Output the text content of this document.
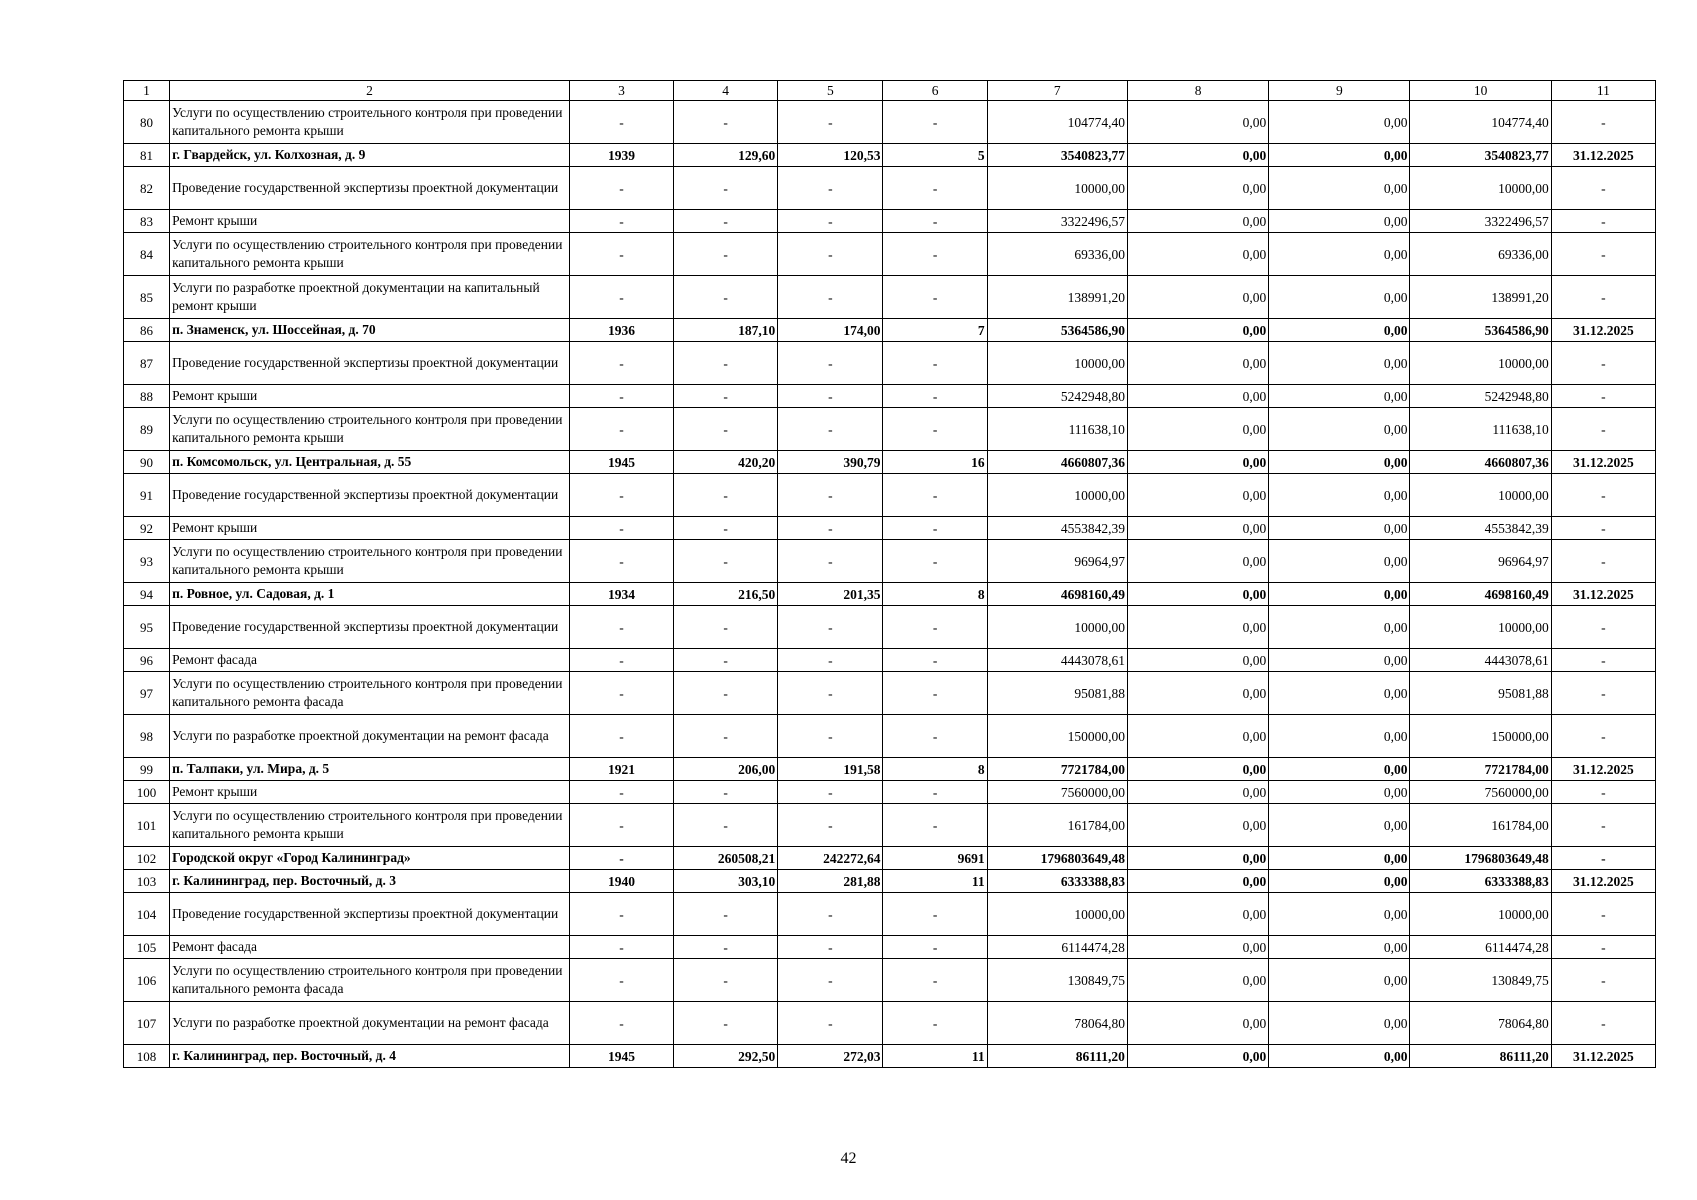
1	2	3	4	5	6	7	8	9	10	11
80	Услуги по осуществлению строительного контроля при проведении капитального ремонта крыши	-	-	-	-	104774,40	0,00	0,00	104774,40	-
81	г. Гвардейск, ул. Колхозная, д. 9	1939	129,60	120,53	5	3540823,77	0,00	0,00	3540823,77	31.12.2025
82	Проведение государственной экспертизы проектной документации	-	-	-	-	10000,00	0,00	0,00	10000,00	-
83	Ремонт крыши	-	-	-	-	3322496,57	0,00	0,00	3322496,57	-
84	Услуги по осуществлению строительного контроля при проведении капитального ремонта крыши	-	-	-	-	69336,00	0,00	0,00	69336,00	-
85	Услуги по разработке проектной документации на капитальный ремонт крыши	-	-	-	-	138991,20	0,00	0,00	138991,20	-
86	п. Знаменск, ул. Шоссейная, д. 70	1936	187,10	174,00	7	5364586,90	0,00	0,00	5364586,90	31.12.2025
87	Проведение государственной экспертизы проектной документации	-	-	-	-	10000,00	0,00	0,00	10000,00	-
88	Ремонт крыши	-	-	-	-	5242948,80	0,00	0,00	5242948,80	-
89	Услуги по осуществлению строительного контроля при проведении капитального ремонта крыши	-	-	-	-	111638,10	0,00	0,00	111638,10	-
90	п. Комсомольск, ул. Центральная, д. 55	1945	420,20	390,79	16	4660807,36	0,00	0,00	4660807,36	31.12.2025
91	Проведение государственной экспертизы проектной документации	-	-	-	-	10000,00	0,00	0,00	10000,00	-
92	Ремонт крыши	-	-	-	-	4553842,39	0,00	0,00	4553842,39	-
93	Услуги по осуществлению строительного контроля при проведении капитального ремонта крыши	-	-	-	-	96964,97	0,00	0,00	96964,97	-
94	п. Ровное, ул. Садовая, д. 1	1934	216,50	201,35	8	4698160,49	0,00	0,00	4698160,49	31.12.2025
95	Проведение государственной экспертизы проектной документации	-	-	-	-	10000,00	0,00	0,00	10000,00	-
96	Ремонт фасада	-	-	-	-	4443078,61	0,00	0,00	4443078,61	-
97	Услуги по осуществлению строительного контроля при проведении капитального ремонта фасада	-	-	-	-	95081,88	0,00	0,00	95081,88	-
98	Услуги по разработке проектной документации на ремонт фасада	-	-	-	-	150000,00	0,00	0,00	150000,00	-
99	п. Талпаки, ул. Мира, д. 5	1921	206,00	191,58	8	7721784,00	0,00	0,00	7721784,00	31.12.2025
100	Ремонт крыши	-	-	-	-	7560000,00	0,00	0,00	7560000,00	-
101	Услуги по осуществлению строительного контроля при проведении капитального ремонта крыши	-	-	-	-	161784,00	0,00	0,00	161784,00	-
102	Городской округ «Город Калининград»	-	260508,21	242272,64	9691	1796803649,48	0,00	0,00	1796803649,48	-
103	г. Калининград, пер. Восточный, д. 3	1940	303,10	281,88	11	6333388,83	0,00	0,00	6333388,83	31.12.2025
104	Проведение государственной экспертизы проектной документации	-	-	-	-	10000,00	0,00	0,00	10000,00	-
105	Ремонт фасада	-	-	-	-	6114474,28	0,00	0,00	6114474,28	-
106	Услуги по осуществлению строительного контроля при проведении капитального ремонта фасада	-	-	-	-	130849,75	0,00	0,00	130849,75	-
107	Услуги по разработке проектной документации на ремонт фасада	-	-	-	-	78064,80	0,00	0,00	78064,80	-
108	г. Калининград, пер. Восточный, д. 4	1945	292,50	272,03	11	86111,20	0,00	0,00	86111,20	31.12.2025
42
